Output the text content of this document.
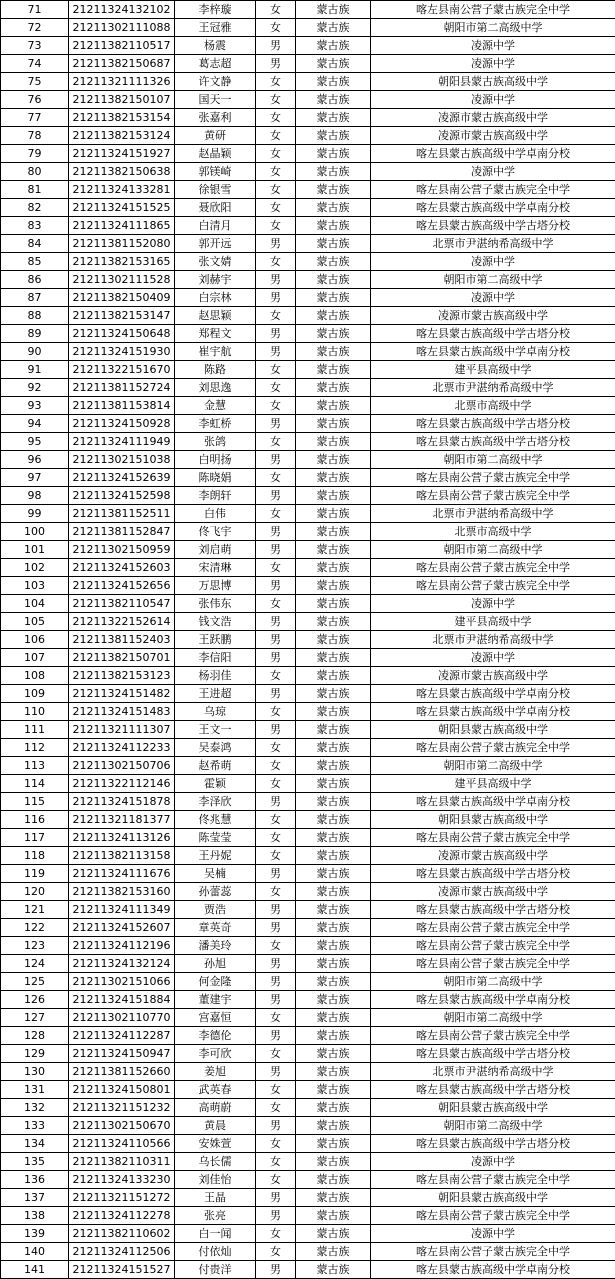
71	21211324132102	李梓璇	女	蒙古族	喀左县南公营子蒙古族完全中学
72	21211302111088	王冠雅	女	蒙古族	朝阳市第二高级中学
73	21211382110517	杨震	男	蒙古族	凌源中学
74	21211382150687	葛志超	男	蒙古族	凌源中学
75	21211321111326	许文静	女	蒙古族	朝阳县蒙古族高级中学
76	21211382150107	国天一	女	蒙古族	凌源中学
77	21211382153154	张嘉利	女	蒙古族	凌源市蒙古族高级中学
78	21211382153124	黄研	女	蒙古族	凌源市蒙古族高级中学
79	21211324151927	赵晶颖	女	蒙古族	喀左县蒙古族高级中学卓南分校
80	21211382150638	郭镁崎	女	蒙古族	凌源中学
81	21211324133281	徐银雪	女	蒙古族	喀左县南公营子蒙古族完全中学
82	21211324151525	聂欣阳	女	蒙古族	喀左县蒙古族高级中学卓南分校
83	21211324111865	白清月	女	蒙古族	喀左县蒙古族高级中学古塔分校
84	21211381152080	郭开远	男	蒙古族	北票市尹湛纳希高级中学
85	21211382153165	张文婧	女	蒙古族	凌源中学
86	21211302111528	刘赫宇	男	蒙古族	朝阳市第二高级中学
87	21211382150409	白宗林	男	蒙古族	凌源中学
88	21211382153147	赵思颖	女	蒙古族	凌源市蒙古族高级中学
89	21211324150648	郑程文	男	蒙古族	喀左县蒙古族高级中学古塔分校
90	21211324151930	崔宇航	男	蒙古族	喀左县蒙古族高级中学卓南分校
91	21211322151670	陈路	女	蒙古族	建平县高级中学
92	21211381152724	刘思逸	女	蒙古族	北票市尹湛纳希高级中学
93	21211381153814	金慧	女	蒙古族	北票市高级中学
94	21211324150928	李虹桥	男	蒙古族	喀左县蒙古族高级中学古塔分校
95	21211324111949	张鸽	女	蒙古族	喀左县蒙古族高级中学古塔分校
96	21211302151038	白明扬	男	蒙古族	朝阳市第二高级中学
97	21211324152639	陈晓娟	女	蒙古族	喀左县南公营子蒙古族完全中学
98	21211324152598	李朗轩	男	蒙古族	喀左县南公营子蒙古族完全中学
99	21211381152511	白伟	女	蒙古族	北票市尹湛纳希高级中学
100	21211381152847	佟飞宇	男	蒙古族	北票市高级中学
101	21211302150959	刘启萌	男	蒙古族	朝阳市第二高级中学
102	21211324152603	宋清琳	女	蒙古族	喀左县南公营子蒙古族完全中学
103	21211324152656	万思博	男	蒙古族	喀左县南公营子蒙古族完全中学
104	21211382110547	张伟东	女	蒙古族	凌源中学
105	21211322152614	钱文浩	男	蒙古族	建平县高级中学
106	21211381152403	王跃鹏	男	蒙古族	北票市尹湛纳希高级中学
107	21211382150701	李信阳	男	蒙古族	凌源中学
108	21211382153123	杨羽佳	女	蒙古族	凌源市蒙古族高级中学
109	21211324151482	王进超	男	蒙古族	喀左县蒙古族高级中学卓南分校
110	21211324151483	乌琼	女	蒙古族	喀左县蒙古族高级中学卓南分校
111	21211321111307	王文一	男	蒙古族	朝阳县蒙古族高级中学
112	21211324112233	吴泰鸿	女	蒙古族	喀左县南公营子蒙古族完全中学
113	21211302150706	赵希萌	女	蒙古族	朝阳市第二高级中学
114	21211322112146	霍颖	女	蒙古族	建平县高级中学
115	21211324151878	李泽欣	男	蒙古族	喀左县蒙古族高级中学卓南分校
116	21211321181377	佟兆慧	女	蒙古族	朝阳县蒙古族高级中学
117	21211324113126	陈莹莹	女	蒙古族	喀左县南公营子蒙古族完全中学
118	21211382113158	王丹妮	女	蒙古族	凌源市蒙古族高级中学
119	21211324111676	吴楠	男	蒙古族	喀左县蒙古族高级中学古塔分校
120	21211382153160	孙蕾蕊	女	蒙古族	凌源市蒙古族高级中学
121	21211324111349	贾浩	男	蒙古族	喀左县蒙古族高级中学古塔分校
122	21211324152607	章英奇	男	蒙古族	喀左县南公营子蒙古族完全中学
123	21211324112196	潘美玲	女	蒙古族	喀左县南公营子蒙古族完全中学
124	21211324132124	孙旭	男	蒙古族	喀左县南公营子蒙古族完全中学
125	21211302151066	何金隆	男	蒙古族	朝阳市第二高级中学
126	21211324151884	董建宇	男	蒙古族	喀左县蒙古族高级中学卓南分校
127	21211302110770	宫嘉恒	女	蒙古族	朝阳市第二高级中学
128	21211324112287	李德伦	男	蒙古族	喀左县南公营子蒙古族完全中学
129	21211324150947	李可欣	女	蒙古族	喀左县蒙古族高级中学古塔分校
130	21211381152660	姜旭	男	蒙古族	北票市尹湛纳希高级中学
131	21211324150801	武英春	女	蒙古族	喀左县蒙古族高级中学古塔分校
132	21211321151232	高萌蔚	女	蒙古族	朝阳县蒙古族高级中学
133	21211302150670	黄晨	男	蒙古族	朝阳市第二高级中学
134	21211324110566	安姝萱	女	蒙古族	喀左县蒙古族高级中学古塔分校
135	21211382110311	乌长儒	女	蒙古族	凌源中学
136	21211324133230	刘佳怡	女	蒙古族	喀左县南公营子蒙古族完全中学
137	21211321151272	王晶	男	蒙古族	朝阳县蒙古族高级中学
138	21211324112278	张亮	男	蒙古族	喀左县南公营子蒙古族完全中学
139	21211382110602	白一闻	女	蒙古族	凌源中学
140	21211324112506	付依灿	女	蒙古族	喀左县南公营子蒙古族完全中学
141	21211324151527	付贵洋	男	蒙古族	喀左县蒙古族高级中学卓南分校
